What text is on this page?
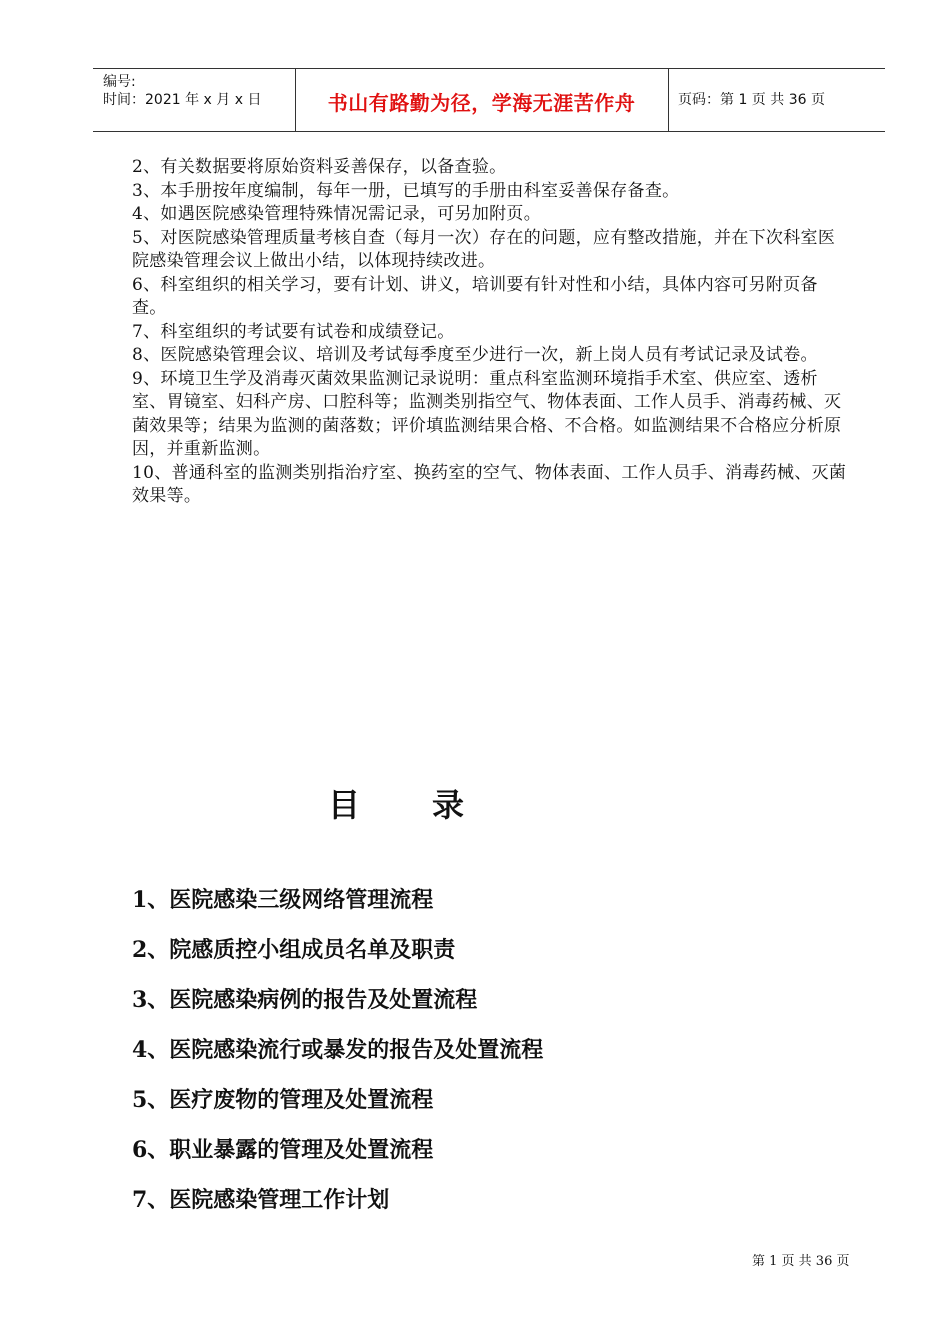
编号:
时间：2021 年 x 月 x 日	书山有路勤为径，学海无涯苦作舟	页码：第 1 页 共 36 页
2、有关数据要将原始资料妥善保存，以备查验。
3、本手册按年度编制，每年一册，已填写的手册由科室妥善保存备查。
4、如遇医院感染管理特殊情况需记录，可另加附页。
5、对医院感染管理质量考核自查（每月一次）存在的问题，应有整改措施，并在下次科室医院感染管理会议上做出小结，以体现持续改进。
6、科室组织的相关学习，要有计划、讲义，培训要有针对性和小结，具体内容可另附页备查。
7、科室组织的考试要有试卷和成绩登记。
8、医院感染管理会议、培训及考试每季度至少进行一次，新上岗人员有考试记录及试卷。
9、环境卫生学及消毒灭菌效果监测记录说明：重点科室监测环境指手术室、供应室、透析室、胃镜室、妇科产房、口腔科等；监测类别指空气、物体表面、工作人员手、消毒药械、灭菌效果等；结果为监测的菌落数；评价填监测结果合格、不合格。如监测结果不合格应分析原因，并重新监测。
10、普通科室的监测类别指治疗室、换药室的空气、物体表面、工作人员手、消毒药械、灭菌效果等。
目 录
1、医院感染三级网络管理流程
2、院感质控小组成员名单及职责
3、医院感染病例的报告及处置流程
4、医院感染流行或暴发的报告及处置流程
5、医疗废物的管理及处置流程
6、职业暴露的管理及处置流程
7、医院感染管理工作计划
第 1 页 共 36 页
